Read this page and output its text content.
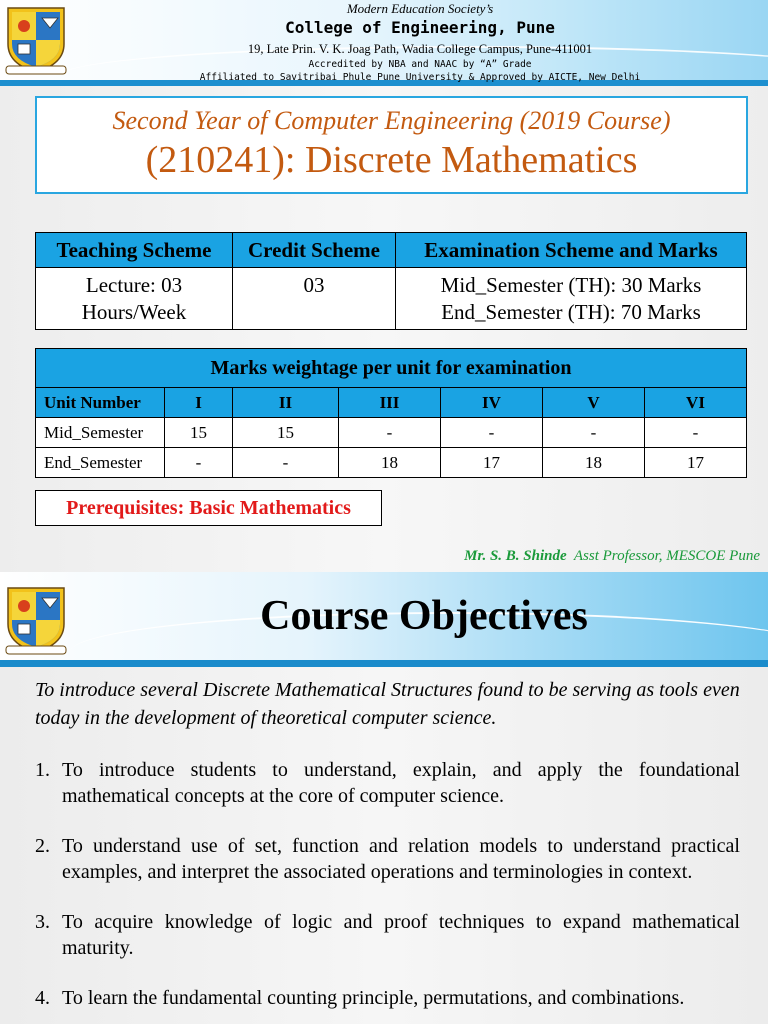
Modern Education Society’s
College of Engineering, Pune
19, Late Prin. V. K. Joag Path, Wadia College Campus, Pune-411001
Accredited by NBA and NAAC by “A” Grade
Affiliated to Savitribai Phule Pune University & Approved by AICTE, New Delhi
Second Year of Computer Engineering (2019 Course)
(210241): Discrete Mathematics
Teaching Scheme	Credit Scheme	Examination Scheme and Marks
Lecture: 03 Hours/Week	03	Mid_Semester (TH): 30 Marks
End_Semester (TH): 70 Marks
Marks weightage per unit for examination						
Unit Number	I	II	III	IV	V	VI
Mid_Semester	15	15	-	-	-	-
End_Semester	-	-	18	17	18	17
Prerequisites: Basic Mathematics
Mr. S. B. Shinde Asst Professor, MESCOE Pune
Course Objectives
To introduce several Discrete Mathematical Structures found to be serving as tools even today in the development of theoretical computer science.
1. To introduce students to understand, explain, and apply the foundational mathematical concepts at the core of computer science.
2. To understand use of set, function and relation models to understand practical examples, and interpret the associated operations and terminologies in context.
3. To acquire knowledge of logic and proof techniques to expand mathematical maturity.
4. To learn the fundamental counting principle, permutations, and combinations.
